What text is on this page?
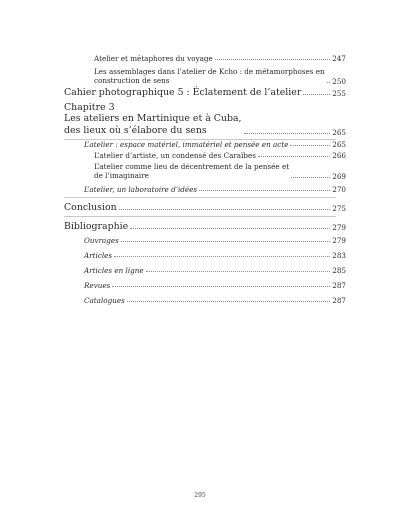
Atelier et métaphores du voyage	247
Les assemblages dans l’atelier de Kcho : de métamorphoses en
construction de sens	250
Cahier photographique 5 : Éclatement de l’atelier	255
Chapitre 3
Les ateliers en Martinique et à Cuba,
des lieux où s’élabore du sens	265
L’atelier : espace matériel, immatériel et pensée en acte	265
L’atelier d’artiste, un condensé des Caraïbes	266
L’atelier comme lieu de décentrement de la pensée et
de l’imaginaire	269
L’atelier, un laboratoire d’idées	270
Conclusion	275
Bibliographie	279
Ouvrages	279
Articles	283
Articles en ligne	285
Revues	287
Catalogues	287
295
